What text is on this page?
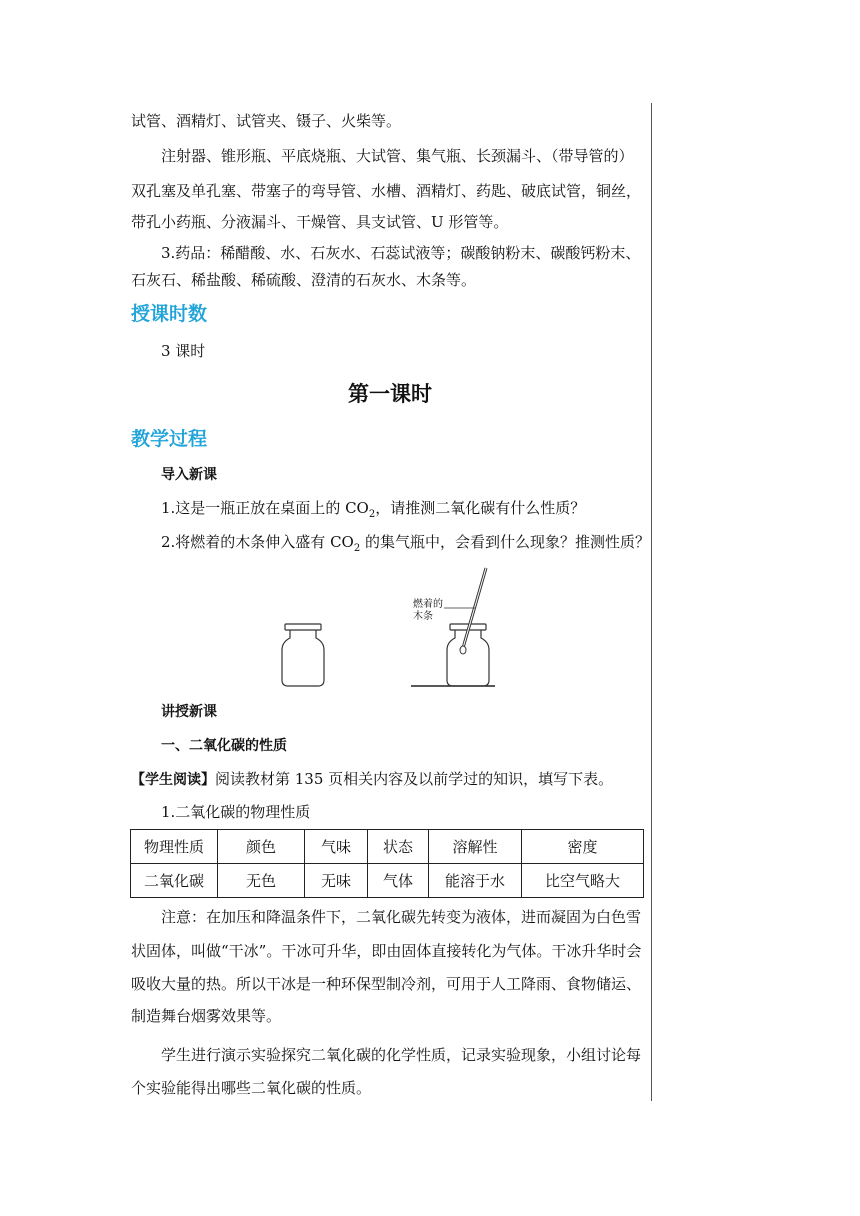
试管、酒精灯、试管夹、镊子、火柴等。
注射器、锥形瓶、平底烧瓶、大试管、集气瓶、长颈漏斗、（带导管的）
双孔塞及单孔塞、带塞子的弯导管、水槽、酒精灯、药匙、破底试管，铜丝，
带孔小药瓶、分液漏斗、干燥管、具支试管、U 形管等。
3.药品：稀醋酸、水、石灰水、石蕊试液等；碳酸钠粉末、碳酸钙粉末、
石灰石、稀盐酸、稀硫酸、澄清的石灰水、木条等。
授课时数
3 课时
第一课时
教学过程
导入新课
1.这是一瓶正放在桌面上的 $CO_2$，请推测二氧化碳有什么性质？
2.将燃着的木条伸入盛有 $CO_2$ 的集气瓶中，会看到什么现象？推测性质？
燃着的
木条
讲授新课
一、二氧化碳的性质
【学生阅读】阅读教材第 135 页相关内容及以前学过的知识，填写下表。
1.二氧化碳的物理性质
物理性质	颜色	气味	状态	溶解性	密度
二氧化碳	无色	无味	气体	能溶于水	比空气略大
注意：在加压和降温条件下，二氧化碳先转变为液体，进而凝固为白色雪
状固体，叫做“干冰”。干冰可升华，即由固体直接转化为气体。干冰升华时会
吸收大量的热。所以干冰是一种环保型制冷剂，可用于人工降雨、食物储运、
制造舞台烟雾效果等。
学生进行演示实验探究二氧化碳的化学性质，记录实验现象，小组讨论每
个实验能得出哪些二氧化碳的性质。
